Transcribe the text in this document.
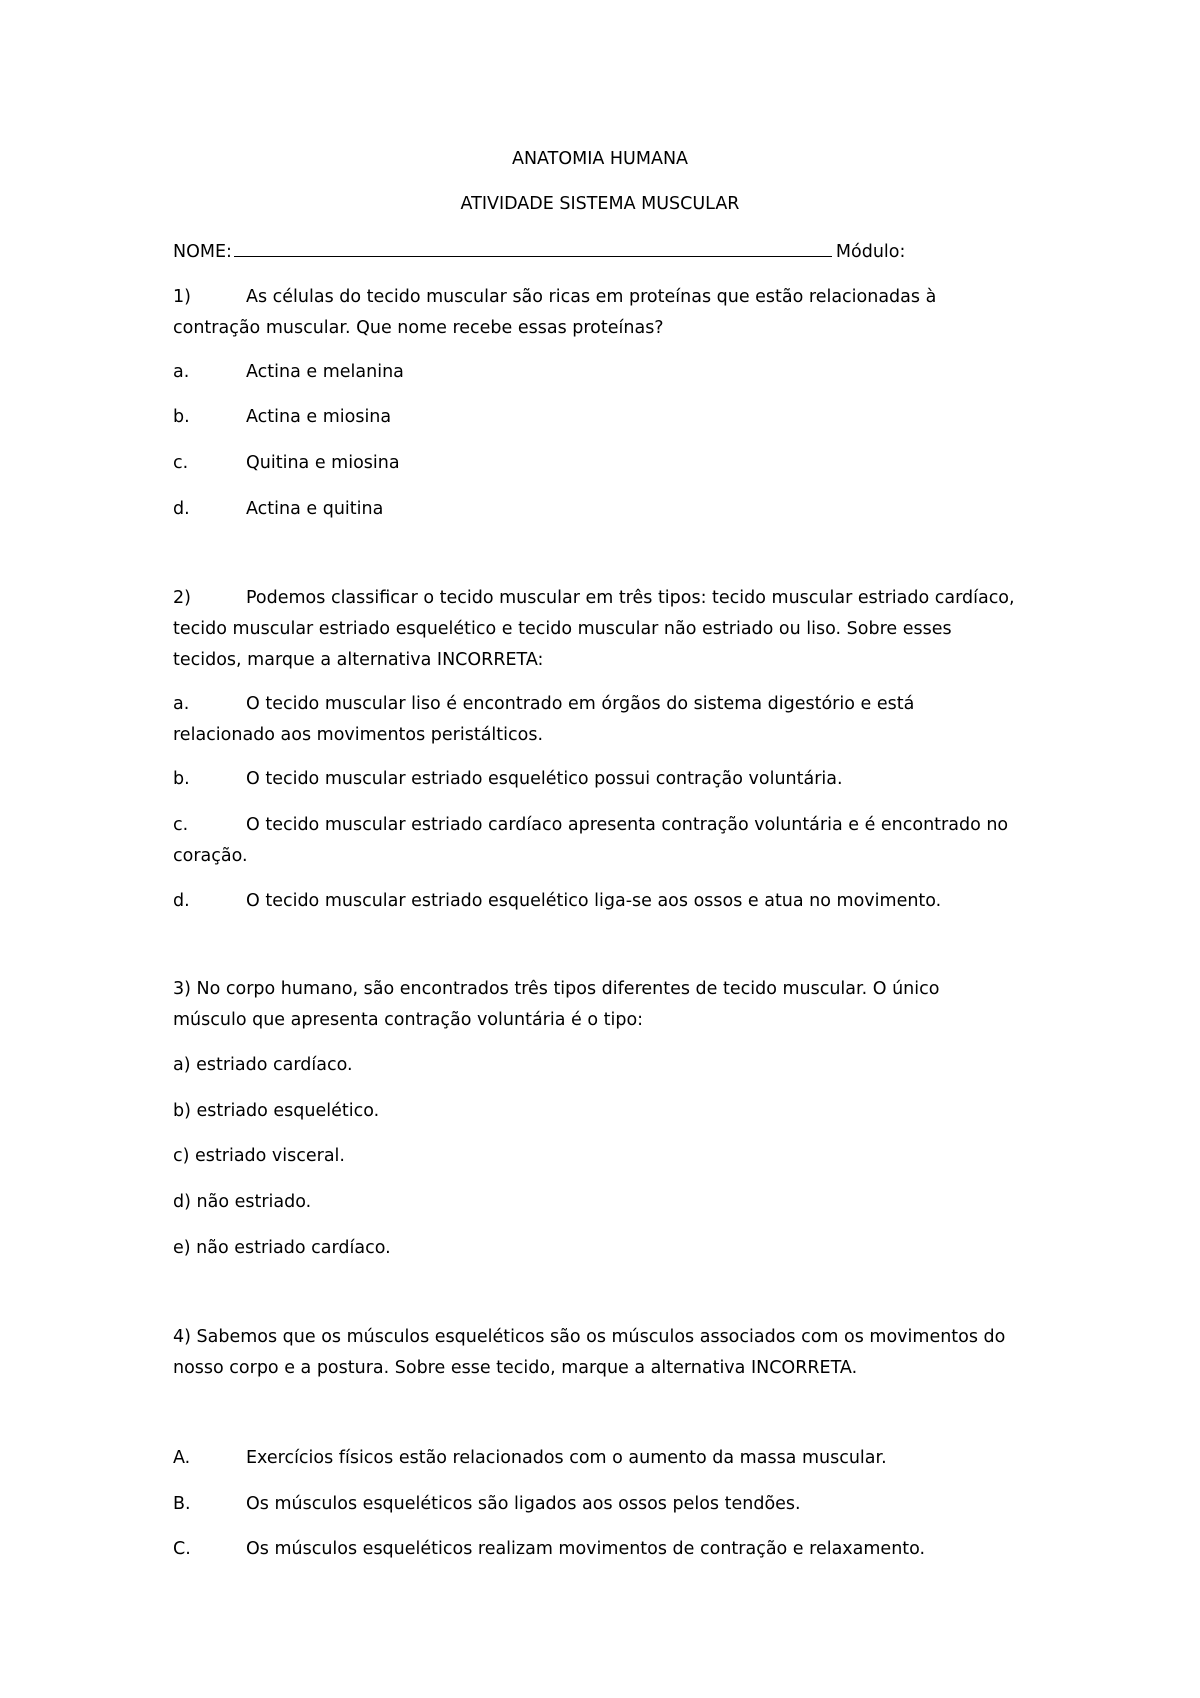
ANATOMIA HUMANA
ATIVIDADE SISTEMA MUSCULAR
NOME:	Módulo:
1)	As células do tecido muscular são ricas em proteínas que estão relacionadas à
contração muscular. Que nome recebe essas proteínas?
a.	Actina e melanina
b.	Actina e miosina
c.	Quitina e miosina
d.	Actina e quitina
2)	Podemos classificar o tecido muscular em três tipos: tecido muscular estriado cardíaco,
tecido muscular estriado esquelético e tecido muscular não estriado ou liso. Sobre esses
tecidos, marque a alternativa INCORRETA:
a.	O tecido muscular liso é encontrado em órgãos do sistema digestório e está
relacionado aos movimentos peristálticos.
b.	O tecido muscular estriado esquelético possui contração voluntária.
c.	O tecido muscular estriado cardíaco apresenta contração voluntária e é encontrado no
coração.
d.	O tecido muscular estriado esquelético liga-se aos ossos e atua no movimento.
3) No corpo humano, são encontrados três tipos diferentes de tecido muscular. O único
músculo que apresenta contração voluntária é o tipo:
a) estriado cardíaco.
b) estriado esquelético.
c) estriado visceral.
d) não estriado.
e) não estriado cardíaco.
4) Sabemos que os músculos esqueléticos são os músculos associados com os movimentos do
nosso corpo e a postura. Sobre esse tecido, marque a alternativa INCORRETA.
A.	Exercícios físicos estão relacionados com o aumento da massa muscular.
B.	Os músculos esqueléticos são ligados aos ossos pelos tendões.
C.	Os músculos esqueléticos realizam movimentos de contração e relaxamento.
